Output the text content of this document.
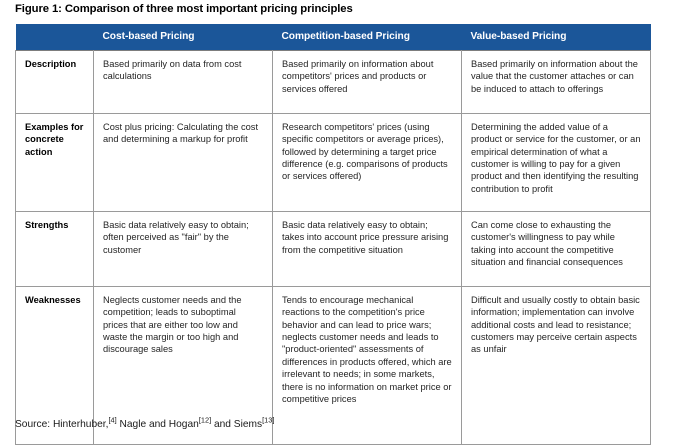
Figure 1: Comparison of three most important pricing principles
	Cost-based Pricing	Competition-based Pricing	Value-based Pricing
Description	Based primarily on data from cost calculations	Based primarily on information about competitors' prices and products or services offered	Based primarily on information about the value that the customer attaches or can be induced to attach to offerings
Examples for concrete action	Cost plus pricing: Calculating the cost and determining a markup for profit	Research competitors' prices (using specific competitors or average prices), followed by determining a target price difference (e.g. comparisons of products or services offered)	Determining the added value of a product or service for the customer, or an empirical determination of what a customer is willing to pay for a given product and then identifying the resulting contribution to profit
Strengths	Basic data relatively easy to obtain; often perceived as "fair" by the customer	Basic data relatively easy to obtain; takes into account price pressure arising from the competitive situation	Can come close to exhausting the customer's willingness to pay while taking into account the competitive situation and financial consequences
Weaknesses	Neglects customer needs and the competition; leads to suboptimal prices that are either too low and waste the margin or too high and discourage sales	Tends to encourage mechanical reactions to the competition's price behavior and can lead to price wars; neglects customer needs and leads to "product-oriented" assessments of differences in products offered, which are irrelevant to needs; in some markets, there is no information on market price or competitive prices	Difficult and usually costly to obtain basic information; implementation can involve additional costs and lead to resistance; customers may perceive certain aspects as unfair
Source: Hinterhuber,[4] Nagle and Hogan[12] and Siems[13]
